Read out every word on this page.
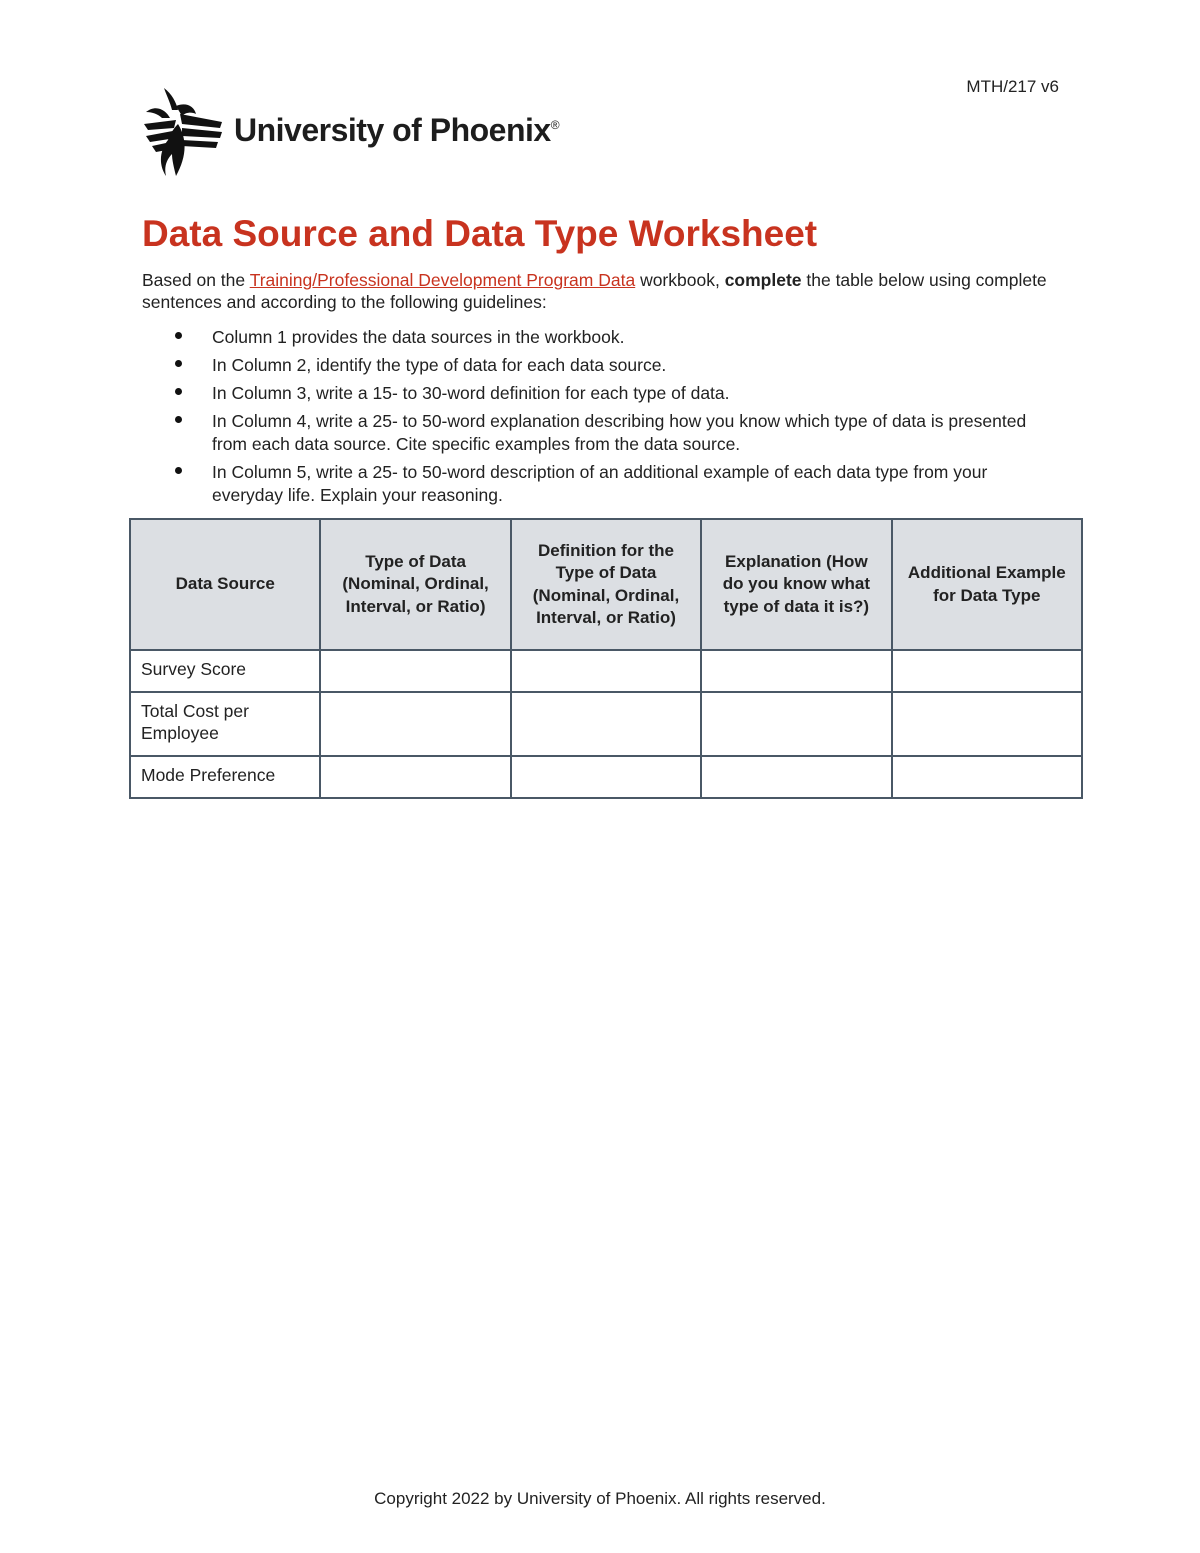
MTH/217 v6
University of Phoenix®
Data Source and Data Type Worksheet

Based on the Training/Professional Development Program Data workbook, complete the table below using complete sentences and according to the following guidelines:

Column 1 provides the data sources in the workbook.
In Column 2, identify the type of data for each data source.
In Column 3, write a 15- to 30-word definition for each type of data.
In Column 4, write a 25- to 50-word explanation describing how you know which type of data is presented from each data source. Cite specific examples from the data source.
In Column 5, write a 25- to 50-word description of an additional example of each data type from your everyday life. Explain your reasoning.
Data Source	Type of Data (Nominal, Ordinal, Interval, or Ratio)	Definition for the Type of Data (Nominal, Ordinal, Interval, or Ratio)	Explanation (How do you know what type of data it is?)	Additional Example for Data Type
Survey Score				
Total Cost per Employee				
Mode Preference				
Copyright 2022 by University of Phoenix. All rights reserved.
